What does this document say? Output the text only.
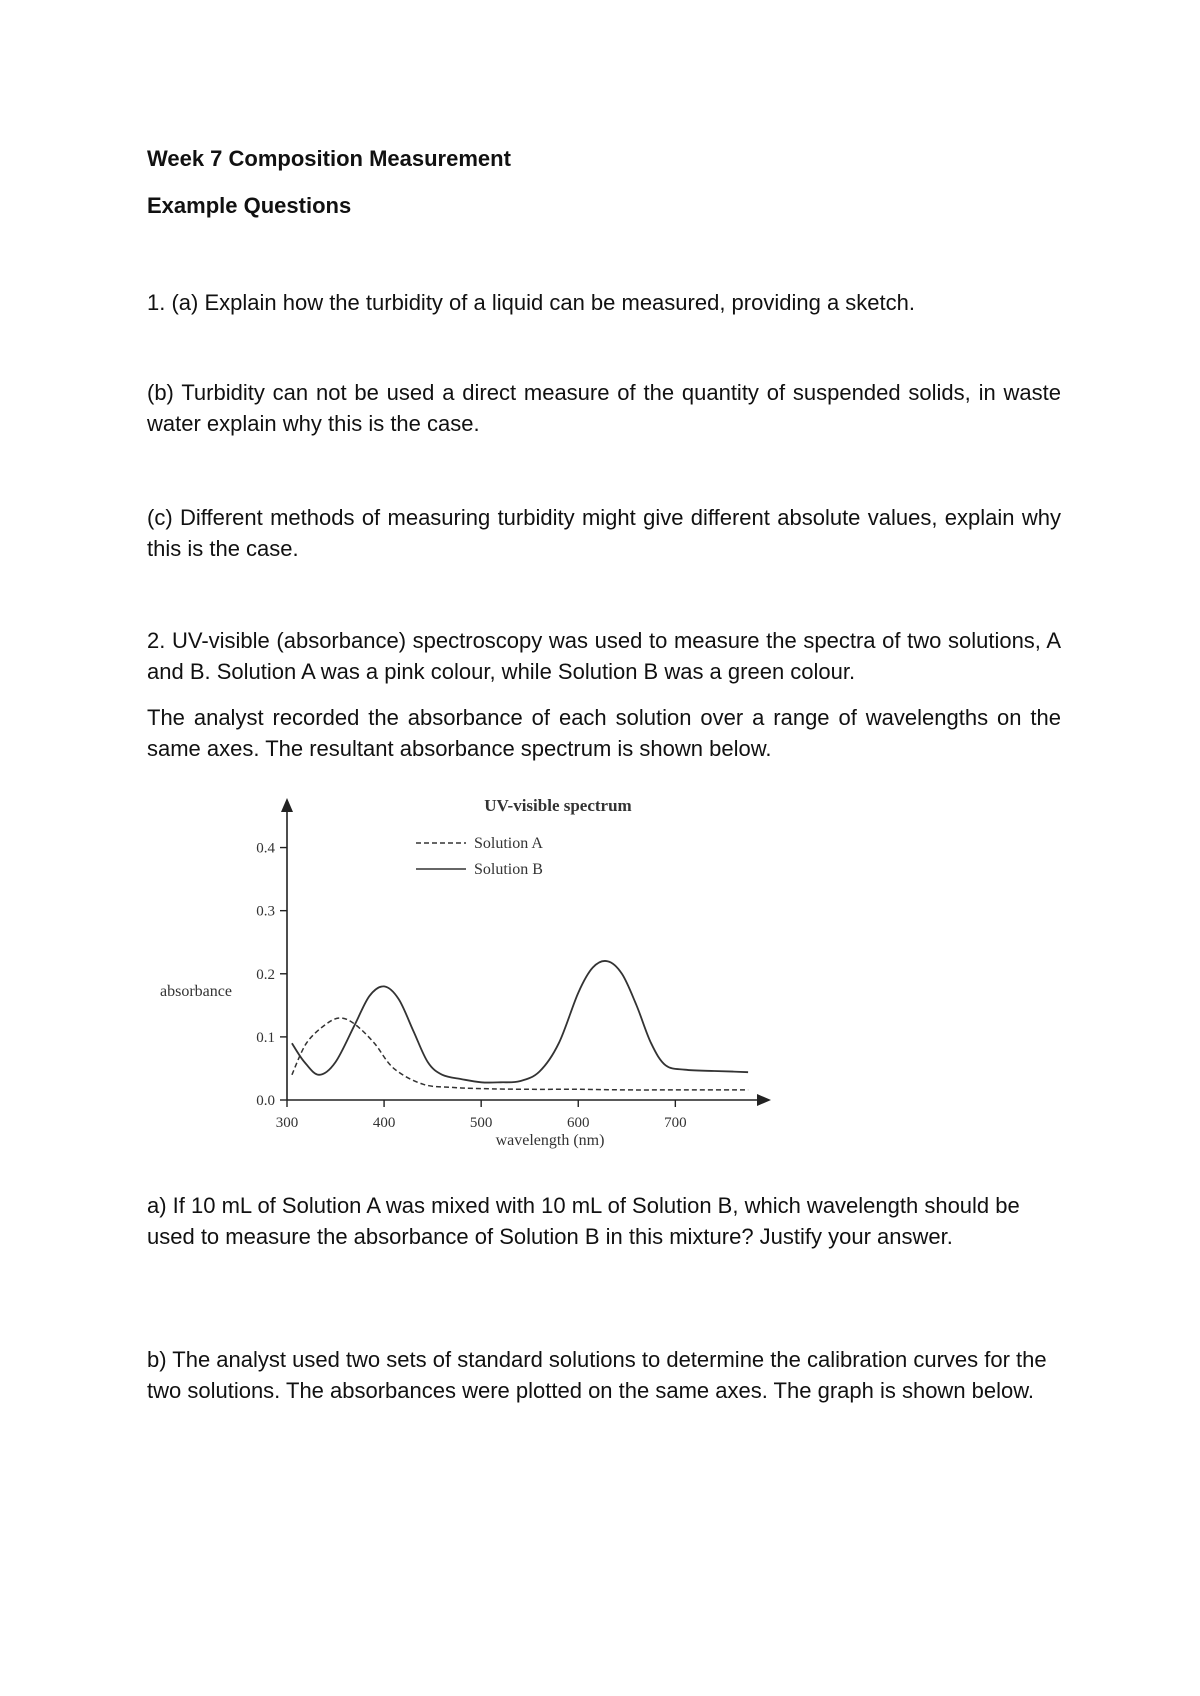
Week 7 Composition Measurement
Example Questions

1. (a) Explain how the turbidity of a liquid can be measured, providing a sketch.

(b) Turbidity can not be used a direct measure of the quantity of suspended solids, in waste water explain why this is the case.

(c) Different methods of measuring turbidity might give different absolute values, explain why this is the case.

2. UV-visible (absorbance) spectroscopy was used to measure the spectra of two solutions, A and B. Solution A was a pink colour, while Solution B was a green colour.

The analyst recorded the absorbance of each solution over a range of wavelengths on the same axes. The resultant absorbance spectrum is shown below.

UV-visible spectrum
0.0
0.1
0.2
0.3
0.4
300	400	500	600	700
Solution A
Solution B
absorbance
wavelength (nm)

a) If 10 mL of Solution A was mixed with 10 mL of Solution B, which wavelength should be used to measure the absorbance of Solution B in this mixture? Justify your answer.

b) The analyst used two sets of standard solutions to determine the calibration curves for the two solutions. The absorbances were plotted on the same axes. The graph is shown below.
